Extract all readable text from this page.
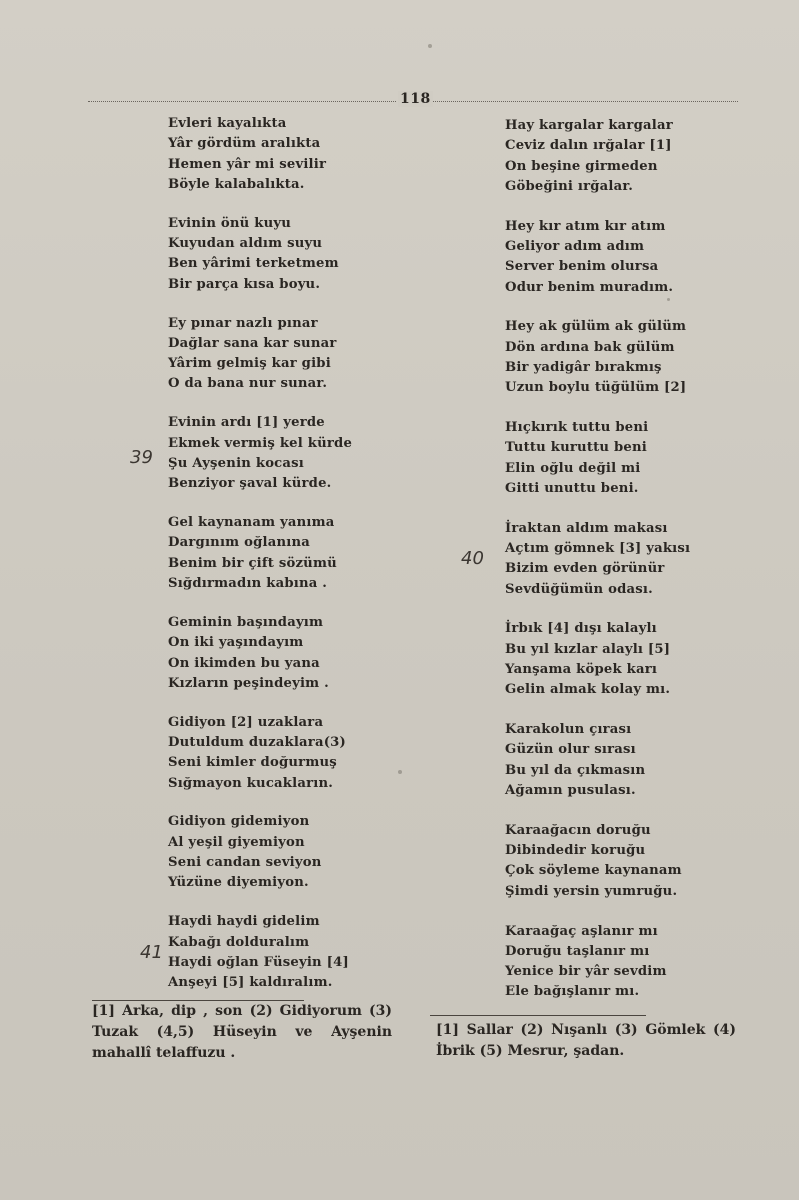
118
Evleri kayalıkta
Yâr gördüm aralıkta
Hemen yâr mi sevilir
Böyle kalabalıkta.
Evinin önü kuyu
Kuyudan aldım suyu
Ben yârimi terketmem
Bir parça kısa boyu.
Ey pınar nazlı pınar
Dağlar sana kar sunar
Yârim gelmiş kar gibi
O da bana nur sunar.
Evinin ardı [1] yerde
Ekmek vermiş kel kürde
Şu Ayşenin kocası
Benziyor şaval kürde.
Gel kaynanam yanıma
Dargınım oğlanına
Benim bir çift sözümü
Sığdırmadın kabına .
Geminin başındayım
On iki yaşındayım
On ikimden bu yana
Kızların peşindeyim .
Gidiyon [2] uzaklara
Dutuldum duzaklara(3)
Seni kimler doğurmuş
Sığmayon kucakların.
Gidiyon gidemiyon
Al yeşil giyemiyon
Seni candan seviyon
Yüzüne diyemiyon.
Haydi haydi gidelim
Kabağı dolduralım
Haydi oğlan Füseyin [4]
Anşeyi [5] kaldıralım.
Hay kargalar kargalar
Ceviz dalın ırğalar [1]
On beşine girmeden
Göbeğini ırğalar.
Hey kır atım kır atım
Geliyor adım adım
Server benim olursa
Odur benim muradım.
Hey ak gülüm ak gülüm
Dön ardına bak gülüm
Bir yadigâr bırakmış
Uzun boylu tüğülüm [2]
Hıçkırık tuttu beni
Tuttu kuruttu beni
Elin oğlu değil mi
Gitti unuttu beni.
İraktan aldım makası
Açtım gömnek [3] yakısı
Bizim evden görünür
Sevdüğümün odası.
İrbık [4] dışı kalaylı
Bu yıl kızlar alaylı [5]
Yanşama köpek karı
Gelin almak kolay mı.
Karakolun çırası
Güzün olur sırası
Bu yıl da çıkmasın
Ağamın pusulası.
Karaağacın doruğu
Dibindedir koruğu
Çok söyleme kaynanam
Şimdi yersin yumruğu.
Karaağaç aşlanır mı
Doruğu taşlanır mı
Yenice bir yâr sevdim
Ele bağışlanır mı.
39
40
41
[1] Arka, dip , son (2) Gidiyorum (3) Tuzak (4,5) Hüseyin ve Ayşenin mahallî telaffuzu .
[1] Sallar (2) Nışanlı (3) Gömlek (4) İbrik (5) Mesrur, şadan.
